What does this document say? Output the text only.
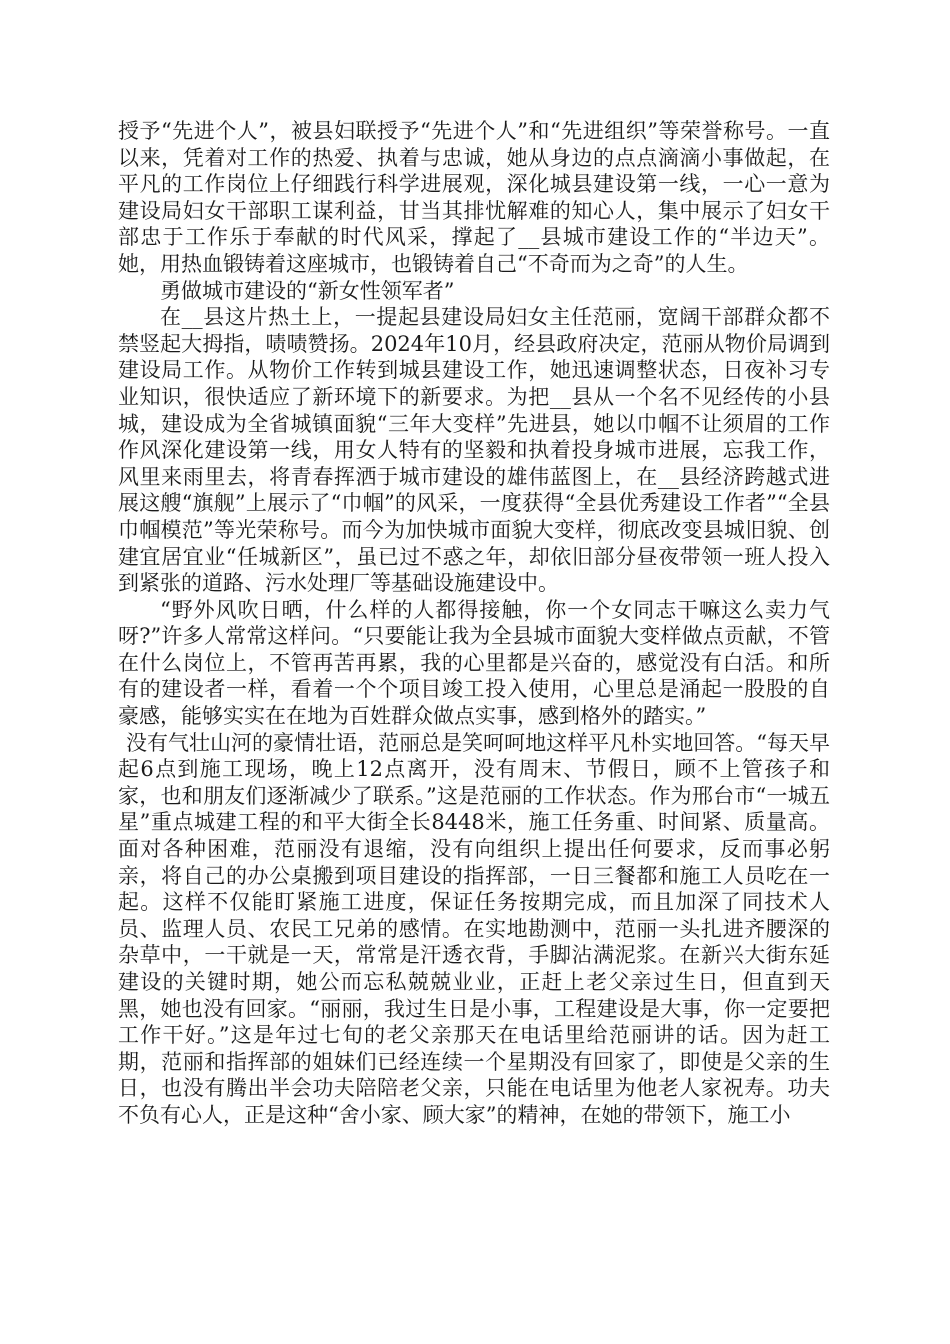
授予“先进个人”，被县妇联授予“先进个人”和“先进组织”等荣誉称号。一直以来，凭着对工作的热爱、执着与忠诚，她从身边的点点滴滴小事做起，在平凡的工作岗位上仔细践行科学进展观，深化城县建设第一线，一心一意为建设局妇女干部职工谋利益，甘当其排忧解难的知心人，集中展示了妇女干部忠于工作乐于奉献的时代风采，撑起了__县城市建设工作的“半边天”。她，用热血锻铸着这座城市，也锻铸着自己“不奇而为之奇”的人生。

勇做城市建设的“新女性领军者”

在__县这片热土上，一提起县建设局妇女主任范丽，宽阔干部群众都不禁竖起大拇指，啧啧赞扬。2024年10月，经县政府决定，范丽从物价局调到建设局工作。从物价工作转到城县建设工作，她迅速调整状态，日夜补习专业知识，很快适应了新环境下的新要求。为把__县从一个名不见经传的小县城，建设成为全省城镇面貌“三年大变样”先进县，她以巾帼不让须眉的工作作风深化建设第一线，用女人特有的坚毅和执着投身城市进展，忘我工作，风里来雨里去，将青春挥洒于城市建设的雄伟蓝图上，在__县经济跨越式进展这艘“旗舰”上展示了“巾帼”的风采，一度获得“全县优秀建设工作者”“全县巾帼模范”等光荣称号。而今为加快城市面貌大变样，彻底改变县城旧貌、创建宜居宜业“任城新区”，虽已过不惑之年，却依旧部分昼夜带领一班人投入到紧张的道路、污水处理厂等基础设施建设中。

“野外风吹日晒，什么样的人都得接触，你一个女同志干嘛这么卖力气呀?”许多人常常这样问。“只要能让我为全县城市面貌大变样做点贡献，不管在什么岗位上，不管再苦再累，我的心里都是兴奋的，感觉没有白活。和所有的建设者一样，看着一个个项目竣工投入使用，心里总是涌起一股股的自豪感，能够实实在在地为百姓群众做点实事，感到格外的踏实。”

没有气壮山河的豪情壮语，范丽总是笑呵呵地这样平凡朴实地回答。“每天早起6点到施工现场，晚上12点离开，没有周末、节假日，顾不上管孩子和家，也和朋友们逐渐减少了联系。”这是范丽的工作状态。作为邢台市“一城五星”重点城建工程的和平大街全长8448米，施工任务重、时间紧、质量高。面对各种困难，范丽没有退缩，没有向组织上提出任何要求，反而事必躬亲，将自己的办公桌搬到项目建设的指挥部，一日三餐都和施工人员吃在一起。这样不仅能盯紧施工进度，保证任务按期完成，而且加深了同技术人员、监理人员、农民工兄弟的感情。在实地勘测中，范丽一头扎进齐腰深的杂草中，一干就是一天，常常是汗透衣背，手脚沾满泥浆。在新兴大街东延建设的关键时期，她公而忘私兢兢业业，正赶上老父亲过生日，但直到天黑，她也没有回家。“丽丽，我过生日是小事，工程建设是大事，你一定要把工作干好。”这是年过七旬的老父亲那天在电话里给范丽讲的话。因为赶工期，范丽和指挥部的姐妹们已经连续一个星期没有回家了，即使是父亲的生日，也没有腾出半会功夫陪陪老父亲，只能在电话里为他老人家祝寿。功夫不负有心人，正是这种“舍小家、顾大家”的精神，在她的带领下，施工小
